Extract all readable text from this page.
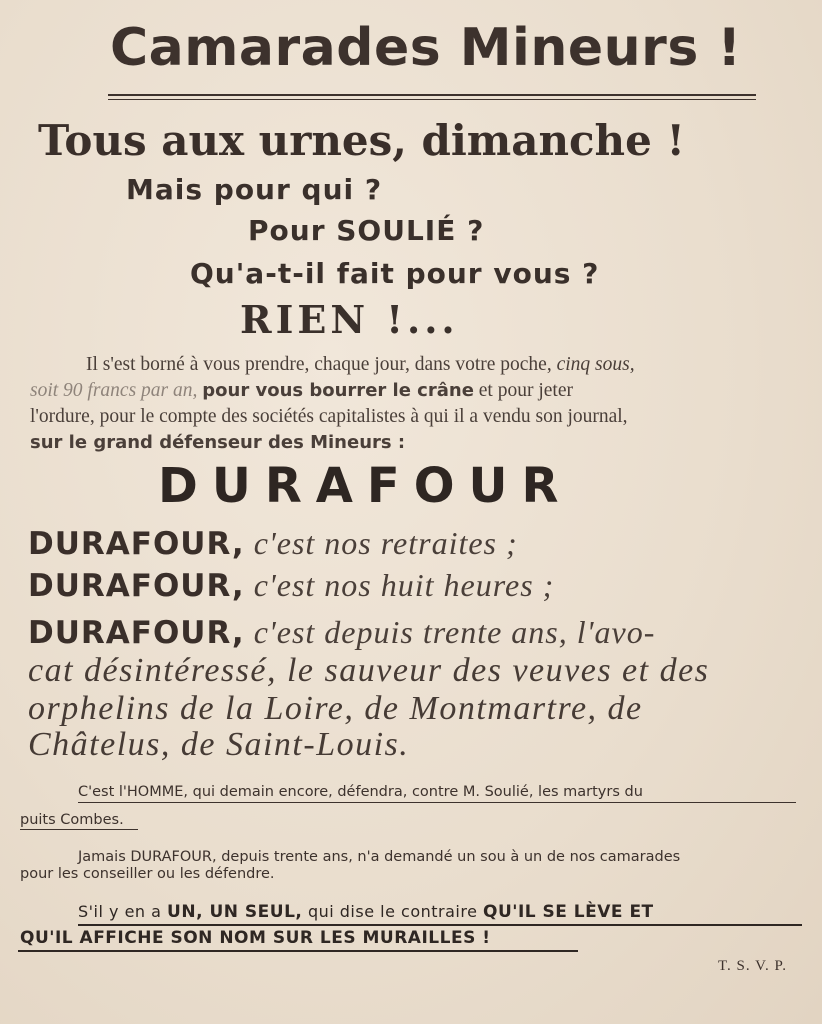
Camarades Mineurs !
Tous aux urnes, dimanche !
Mais pour qui ?
Pour SOULIÉ ?
Qu'a-t-il fait pour vous ?
RIEN !...
Il s'est borné à vous prendre, chaque jour, dans votre poche, cinq sous,
soit 90 francs par an, pour vous bourrer le crâne et pour jeter
l'ordure, pour le compte des sociétés capitalistes à qui il a vendu son journal,
sur le grand défenseur des Mineurs :
DURAFOUR
DURAFOUR, c'est nos retraites ;
DURAFOUR, c'est nos huit heures ;
DURAFOUR, c'est depuis trente ans, l'avo-
cat désintéressé, le sauveur des veuves et des
orphelins de la Loire, de Montmartre, de
Châtelus, de Saint-Louis.
C'est l'HOMME, qui demain encore, défendra, contre M. Soulié, les martyrs du
puits Combes.
Jamais DURAFOUR, depuis trente ans, n'a demandé un sou à un de nos camarades
pour les conseiller ou les défendre.
S'il y en a UN, UN SEUL, qui dise le contraire QU'IL SE LÈVE ET
QU'IL AFFICHE SON NOM SUR LES MURAILLES !
T. S. V. P.
